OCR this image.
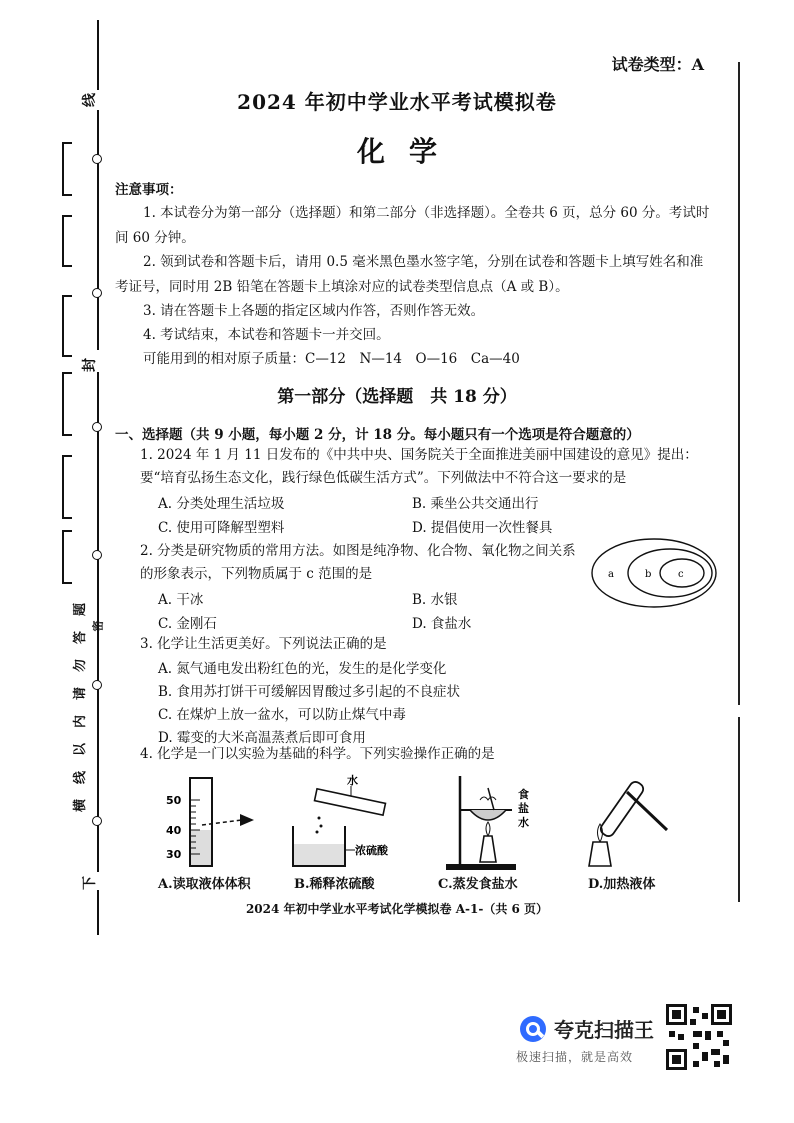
线
封
下
题
答
勿
请
内
以
线
横
密
试卷类型：A
2024 年初中学业水平考试模拟卷
化学
注意事项：
1. 本试卷分为第一部分（选择题）和第二部分（非选择题）。全卷共 6 页，总分 60 分。考试时间 60 分钟。
2. 领到试卷和答题卡后，请用 0.5 毫米黑色墨水签字笔，分别在试卷和答题卡上填写姓名和准考证号，同时用 2B 铅笔在答题卡上填涂对应的试卷类型信息点（A 或 B）。
3. 请在答题卡上各题的指定区域内作答，否则作答无效。
4. 考试结束，本试卷和答题卡一并交回。
可能用到的相对原子质量：C—12　N—14　O—16　Ca—40
第一部分（选择题　共 18 分）
一、选择题（共 9 小题，每小题 2 分，计 18 分。每小题只有一个选项是符合题意的）
1. 2024 年 1 月 11 日发布的《中共中央、国务院关于全面推进美丽中国建设的意见》提出：要“培育弘扬生态文化，践行绿色低碳生活方式”。下列做法中不符合这一要求的是
A. 分类处理生活垃圾	B. 乘坐公共交通出行
C. 使用可降解型塑料	D. 提倡使用一次性餐具
2. 分类是研究物质的常用方法。如图是纯净物、化合物、氧化物之间关系的形象表示，下列物质属于 c 范围的是
A. 干冰	B. 水银
C. 金刚石	D. 食盐水
a	b	c
3. 化学让生活更美好。下列说法正确的是
A. 氮气通电发出粉红色的光，发生的是化学变化
B. 食用苏打饼干可缓解因胃酸过多引起的不良症状
C. 在煤炉上放一盆水，可以防止煤气中毒
D. 霉变的大米高温蒸煮后即可食用
4. 化学是一门以实验为基础的科学。下列实验操作正确的是
50
40
30
A.读取液体体积
水
浓硫酸
B.稀释浓硫酸
食
盐
水
C.蒸发食盐水	D.加热液体
2024 年初中学业水平考试化学模拟卷 A-1-（共 6 页）
夸克扫描王
极速扫描，就是高效
